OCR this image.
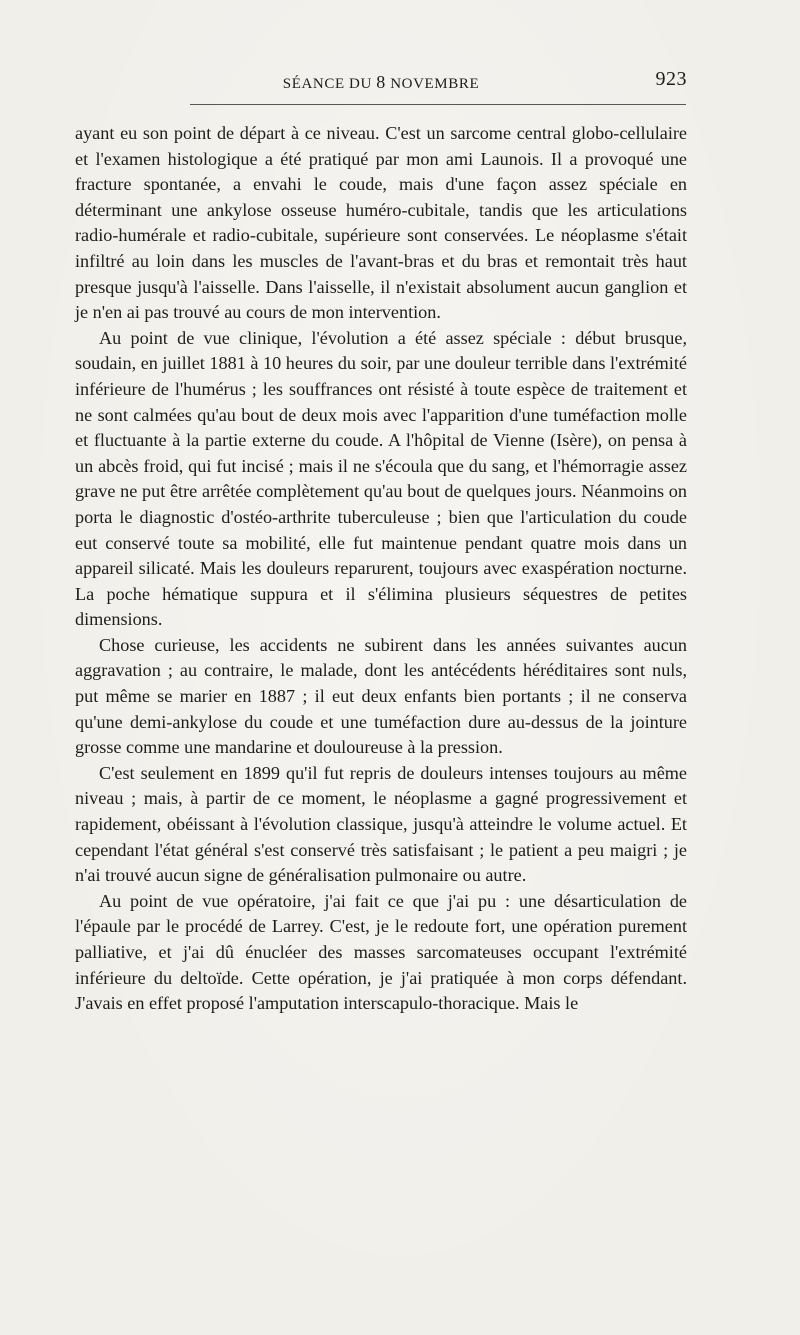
SÉANCE DU 8 NOVEMBRE	923

ayant eu son point de départ à ce niveau. C'est un sarcome central globo-cellulaire et l'examen histologique a été pratiqué par mon ami Launois. Il a provoqué une fracture spontanée, a envahi le coude, mais d'une façon assez spéciale en déterminant une ankylose osseuse huméro-cubitale, tandis que les articulations radio-humérale et radio-cubitale, supérieure sont conservées. Le néoplasme s'était infiltré au loin dans les muscles de l'avant-bras et du bras et remontait très haut presque jusqu'à l'aisselle. Dans l'aisselle, il n'existait absolument aucun ganglion et je n'en ai pas trouvé au cours de mon intervention.

Au point de vue clinique, l'évolution a été assez spéciale : début brusque, soudain, en juillet 1881 à 10 heures du soir, par une douleur terrible dans l'extrémité inférieure de l'humérus ; les souffrances ont résisté à toute espèce de traitement et ne sont calmées qu'au bout de deux mois avec l'apparition d'une tuméfaction molle et fluctuante à la partie externe du coude. A l'hôpital de Vienne (Isère), on pensa à un abcès froid, qui fut incisé ; mais il ne s'écoula que du sang, et l'hémorragie assez grave ne put être arrêtée complètement qu'au bout de quelques jours. Néanmoins on porta le diagnostic d'ostéo-arthrite tuberculeuse ; bien que l'articulation du coude eut conservé toute sa mobilité, elle fut maintenue pendant quatre mois dans un appareil silicaté. Mais les douleurs reparurent, toujours avec exaspération nocturne. La poche hématique suppura et il s'élimina plusieurs séquestres de petites dimensions.

Chose curieuse, les accidents ne subirent dans les années suivantes aucun aggravation ; au contraire, le malade, dont les antécédents héréditaires sont nuls, put même se marier en 1887 ; il eut deux enfants bien portants ; il ne conserva qu'une demi-ankylose du coude et une tuméfaction dure au-dessus de la jointure grosse comme une mandarine et douloureuse à la pression.

C'est seulement en 1899 qu'il fut repris de douleurs intenses toujours au même niveau ; mais, à partir de ce moment, le néoplasme a gagné progressivement et rapidement, obéissant à l'évolution classique, jusqu'à atteindre le volume actuel. Et cependant l'état général s'est conservé très satisfaisant ; le patient a peu maigri ; je n'ai trouvé aucun signe de généralisation pulmonaire ou autre.

Au point de vue opératoire, j'ai fait ce que j'ai pu : une désarticulation de l'épaule par le procédé de Larrey. C'est, je le redoute fort, une opération purement palliative, et j'ai dû énucléer des masses sarcomateuses occupant l'extrémité inférieure du deltoïde. Cette opération, je j'ai pratiquée à mon corps défendant. J'avais en effet proposé l'amputation interscapulo-thoracique. Mais le
